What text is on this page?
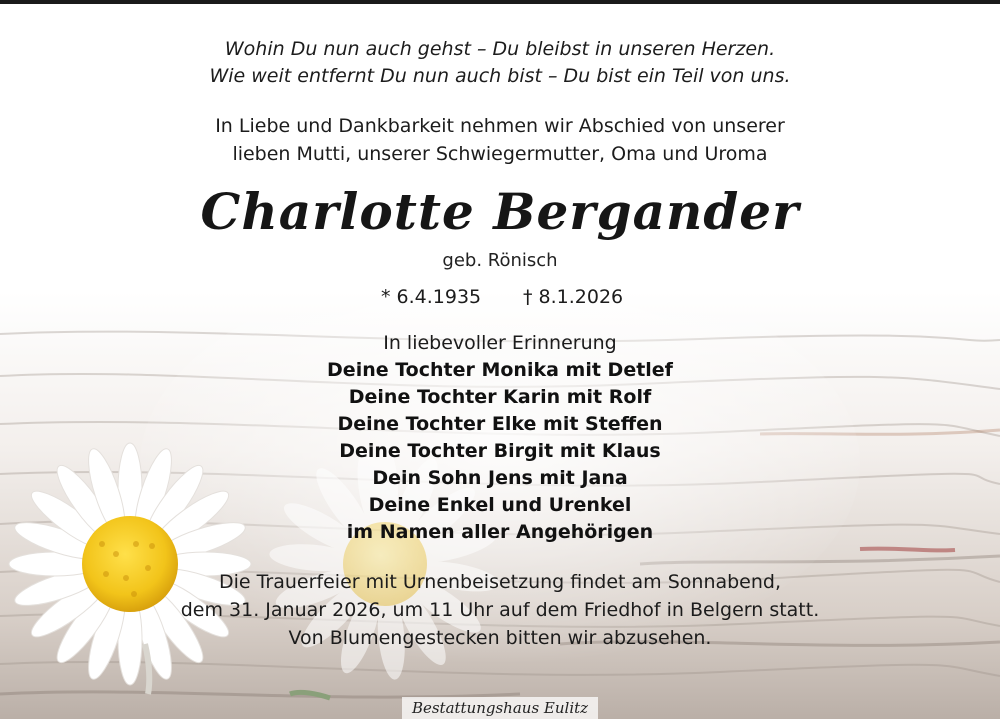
Wohin Du nun auch gehst – Du bleibst in unseren Herzen.
Wie weit entfernt Du nun auch bist – Du bist ein Teil von uns.
In Liebe und Dankbarkeit nehmen wir Abschied von unserer
lieben Mutti, unserer Schwiegermutter, Oma und Uroma
Charlotte Bergander
geb. Rönisch
* 6.4.1935 † 8.1.2026
In liebevoller Erinnerung
Deine Tochter Monika mit Detlef
Deine Tochter Karin mit Rolf
Deine Tochter Elke mit Steffen
Deine Tochter Birgit mit Klaus
Dein Sohn Jens mit Jana
Deine Enkel und Urenkel
im Namen aller Angehörigen
Die Trauerfeier mit Urnenbeisetzung findet am Sonnabend,
dem 31. Januar 2026, um 11 Uhr auf dem Friedhof in Belgern statt.
Von Blumengestecken bitten wir abzusehen.
Bestattungshaus Eulitz
